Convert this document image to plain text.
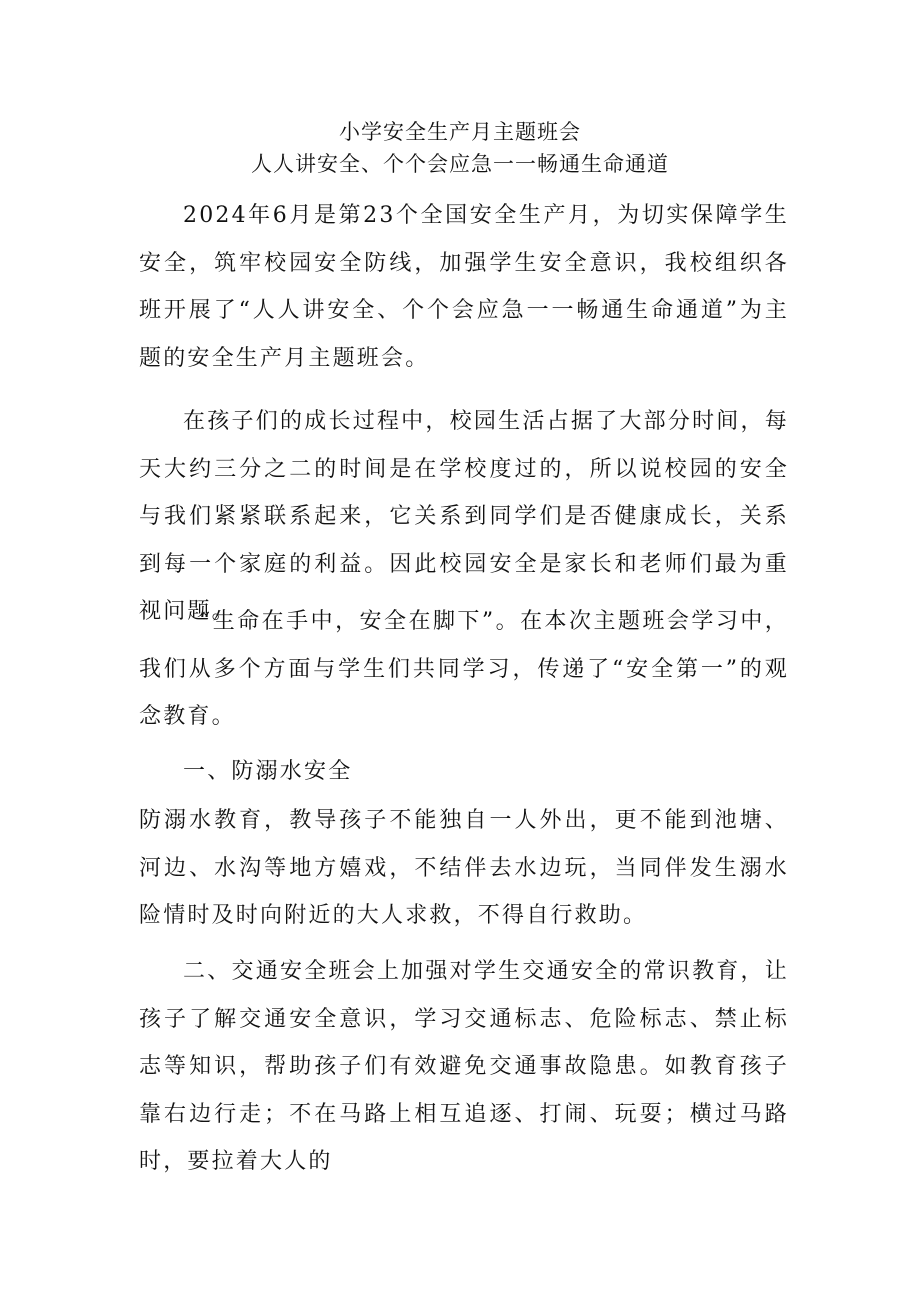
小学安全生产月主题班会
人人讲安全、个个会应急一一畅通生命通道
2024年6月是第23个全国安全生产月，为切实保障学生安全，筑牢校园安全防线，加强学生安全意识，我校组织各班开展了“人人讲安全、个个会应急一一畅通生命通道”为主题的安全生产月主题班会。
在孩子们的成长过程中，校园生活占据了大部分时间，每天大约三分之二的时间是在学校度过的，所以说校园的安全与我们紧紧联系起来，它关系到同学们是否健康成长，关系到每一个家庭的利益。因此校园安全是家长和老师们最为重视问题。
“生命在手中，安全在脚下”。在本次主题班会学习中，我们从多个方面与学生们共同学习，传递了“安全第一”的观念教育。
一、防溺水安全
防溺水教育，教导孩子不能独自一人外出，更不能到池塘、河边、水沟等地方嬉戏，不结伴去水边玩，当同伴发生溺水险情时及时向附近的大人求救，不得自行救助。
二、交通安全班会上加强对学生交通安全的常识教育，让孩子了解交通安全意识，学习交通标志、危险标志、禁止标志等知识，帮助孩子们有效避免交通事故隐患。如教育孩子靠右边行走；不在马路上相互追逐、打闹、玩耍；横过马路时，要拉着大人的
